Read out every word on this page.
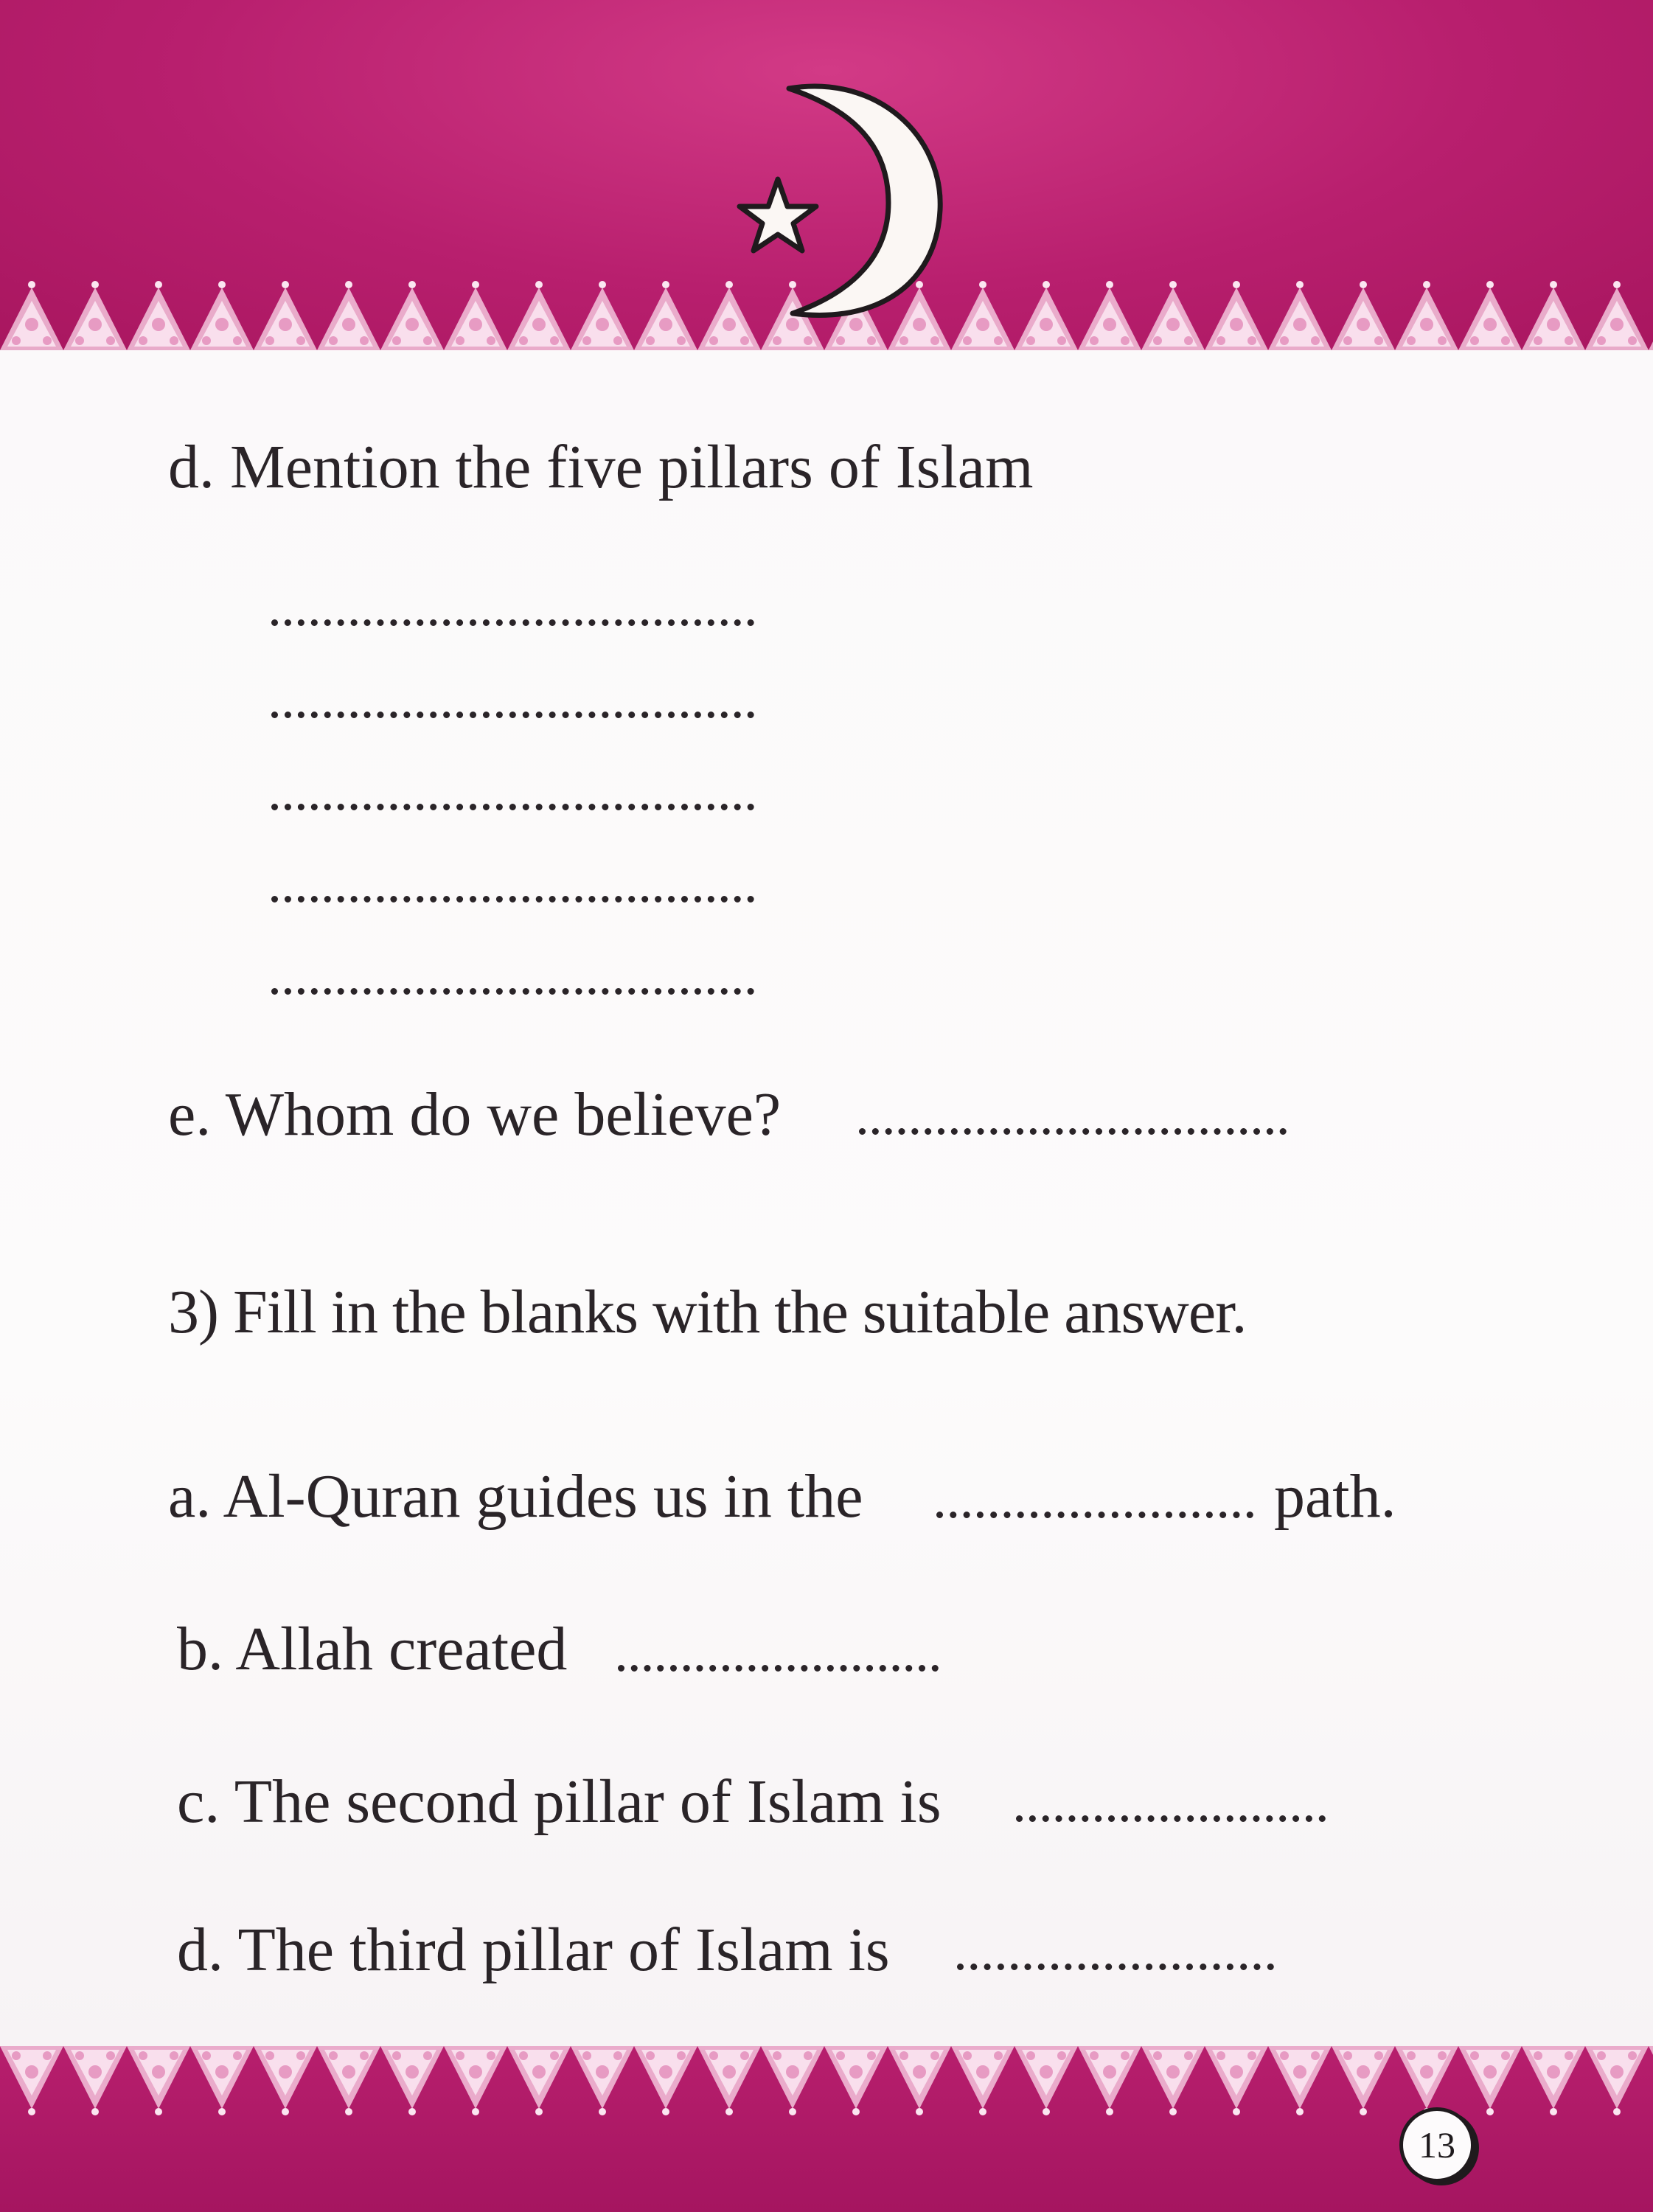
d. Mention the five pillars of Islam
e. Whom do we believe?
3) Fill in the blanks with the suitable answer.
a. Al-Quran guides us in the	path.
b. Allah created
c. The second pillar of Islam is
d. The third pillar of Islam is
13
